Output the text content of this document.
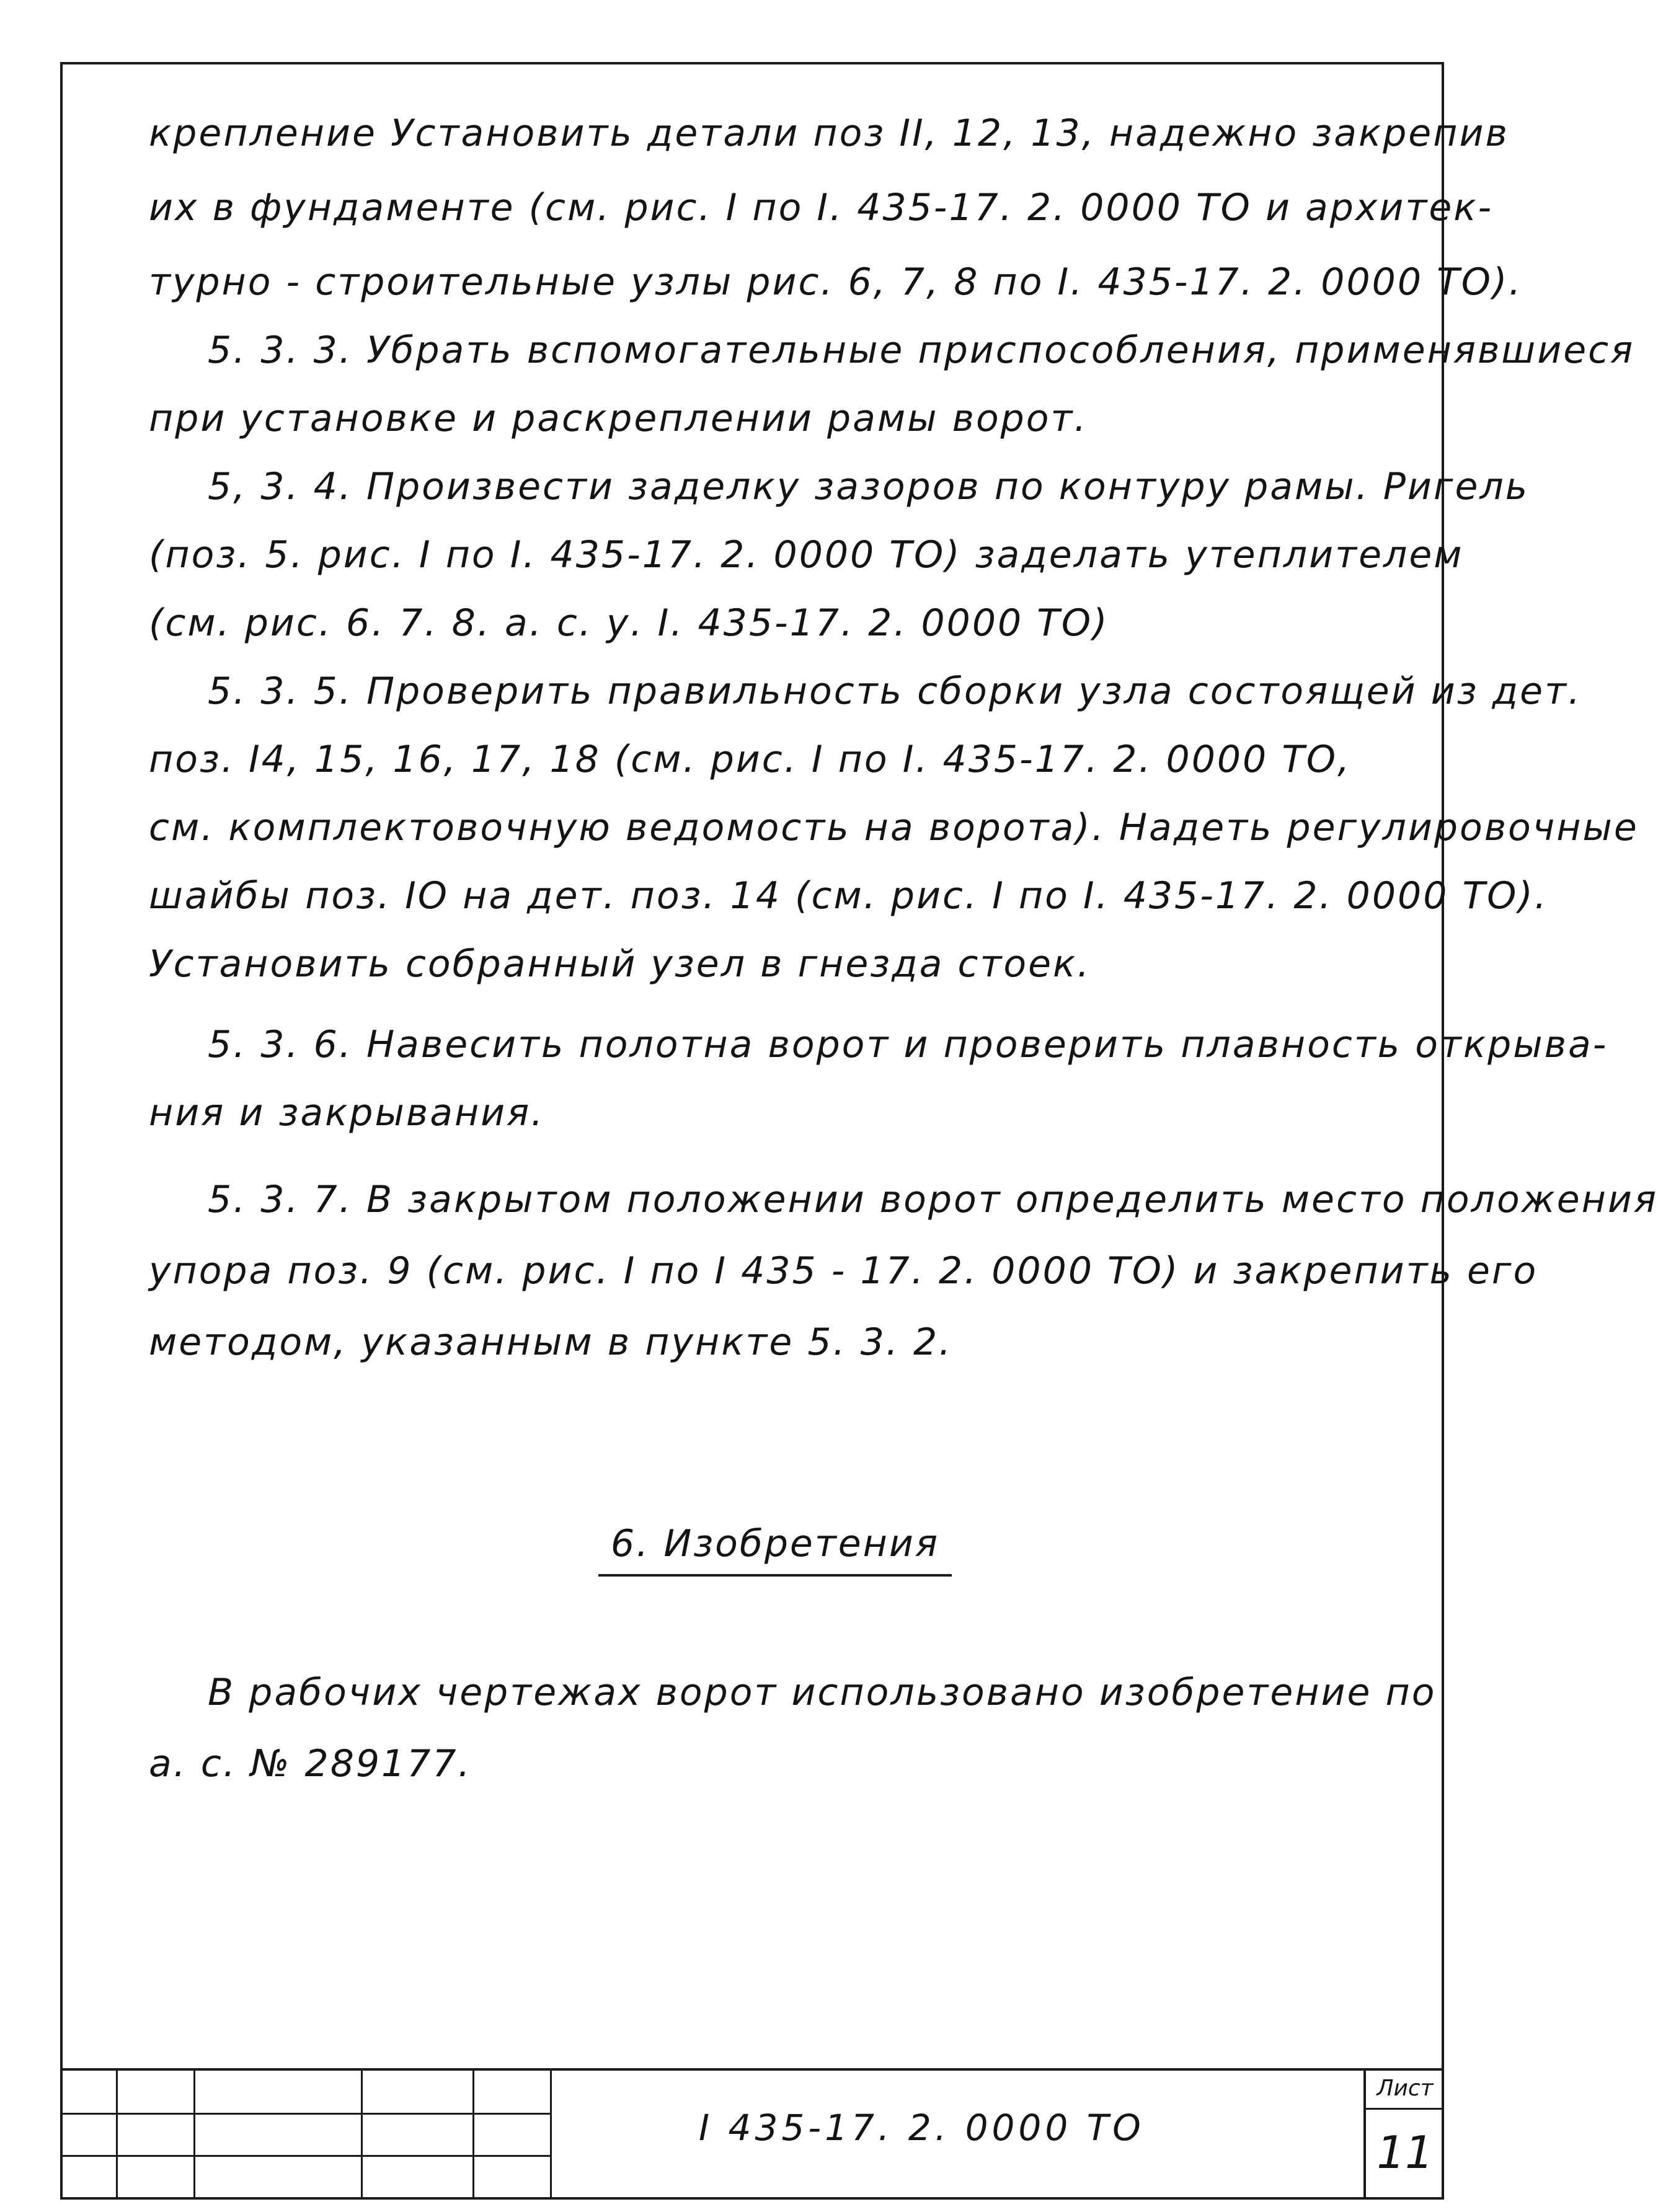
крепление Установить детали поз II, 12, 13, надежно закрепив
их в фундаменте (см. рис. I по I. 435-17. 2. 0000 ТО и архитек-
турно - строительные узлы рис. 6, 7, 8 по I. 435-17. 2. 0000 ТО).
5. 3. 3. Убрать вспомогательные приспособления, применявшиеся
при установке и раскреплении рамы ворот.
5, 3. 4. Произвести заделку зазоров по контуру рамы. Ригель
(поз. 5. рис. I по I. 435-17. 2. 0000 ТО) заделать утеплителем
(см. рис. 6. 7. 8. а. с. у. I. 435-17. 2. 0000 ТО)
5. 3. 5. Проверить правильность сборки узла состоящей из дет.
поз. I4, 15, 16, 17, 18 (см. рис. I по I. 435-17. 2. 0000 ТО,
см. комплектовочную ведомость на ворота). Надеть регулировочные
шайбы поз. IO на дет. поз. 14 (см. рис. I по I. 435-17. 2. 0000 ТО).
Установить собранный узел в гнезда стоек.
5. 3. 6. Навесить полотна ворот и проверить плавность открыва-
ния и закрывания.
5. 3. 7. В закрытом положении ворот определить место положения
упора поз. 9 (см. рис. I по I 435 - 17. 2. 0000 ТО) и закрепить его
методом, указанным в пункте 5. 3. 2.
6. Изобретения
В рабочих чертежах ворот использовано изобретение по
а. с. № 289177.
I 435-17. 2. 0000 ТО
Лист
11
